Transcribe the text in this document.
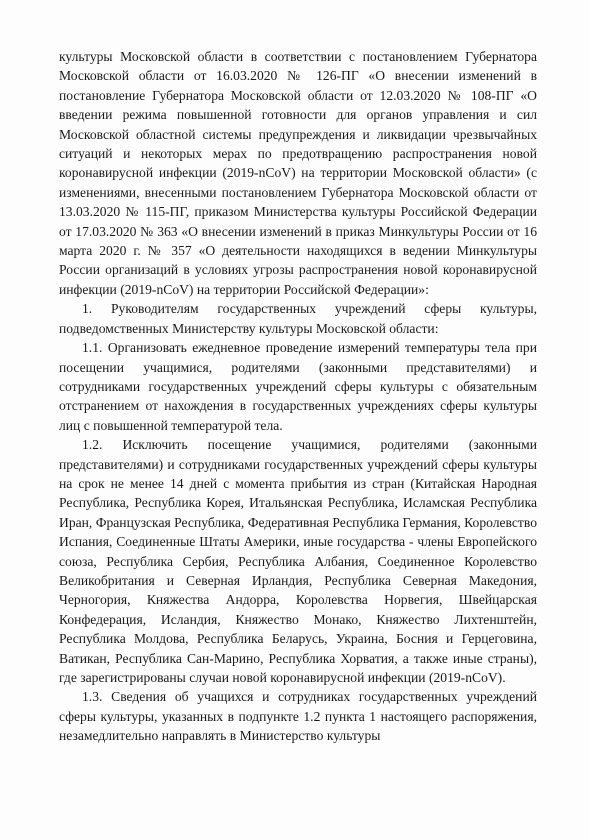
культуры Московской области в соответствии с постановлением Губернатора Московской области от 16.03.2020 № 126-ПГ «О внесении изменений в постановление Губернатора Московской области от 12.03.2020 № 108-ПГ «О введении режима повышенной готовности для органов управления и сил Московской областной системы предупреждения и ликвидации чрезвычайных ситуаций и некоторых мерах по предотвращению распространения новой коронавирусной инфекции (2019-nCoV) на территории Московской области» (с изменениями, внесенными постановлением Губернатора Московской области от 13.03.2020 № 115-ПГ, приказом Министерства культуры Российской Федерации от 17.03.2020 № 363 «О внесении изменений в приказ Минкультуры России от 16 марта 2020 г. № 357 «О деятельности находящихся в ведении Минкультуры России организаций в условиях угрозы распространения новой коронавирусной инфекции (2019-nCoV) на территории Российской Федерации»:

1. Руководителям государственных учреждений сферы культуры, подведомственных Министерству культуры Московской области:

1.1. Организовать ежедневное проведение измерений температуры тела при посещении учащимися, родителями (законными представителями) и сотрудниками государственных учреждений сферы культуры с обязательным отстранением от нахождения в государственных учреждениях сферы культуры лиц с повышенной температурой тела.

1.2. Исключить посещение учащимися, родителями (законными представителями) и сотрудниками государственных учреждений сферы культуры на срок не менее 14 дней с момента прибытия из стран (Китайская Народная Республика, Республика Корея, Итальянская Республика, Исламская Республика Иран, Французская Республика, Федеративная Республика Германия, Королевство Испания, Соединенные Штаты Америки, иные государства - члены Европейского союза, Республика Сербия, Республика Албания, Соединенное Королевство Великобритания и Северная Ирландия, Республика Северная Македония, Черногория, Княжества Андорра, Королевства Норвегия, Швейцарская Конфедерация, Исландия, Княжество Монако, Княжество Лихтенштейн, Республика Молдова, Республика Беларусь, Украина, Босния и Герцеговина, Ватикан, Республика Сан-Марино, Республика Хорватия, а также иные страны), где зарегистрированы случаи новой коронавирусной инфекции (2019-nCoV).

1.3. Сведения об учащихся и сотрудниках государственных учреждений сферы культуры, указанных в подпункте 1.2 пункта 1 настоящего распоряжения, незамедлительно направлять в Министерство культуры
